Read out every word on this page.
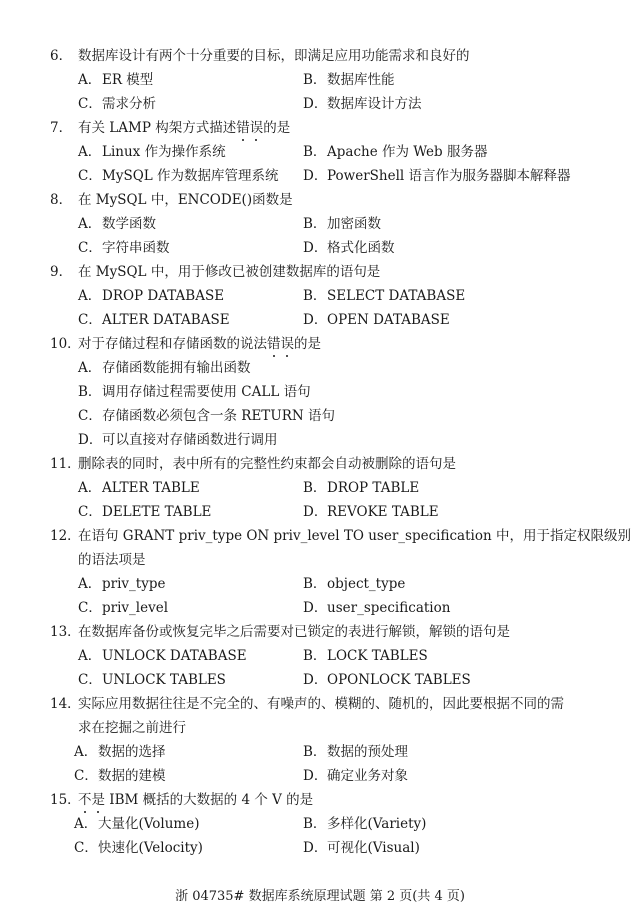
6． 数据库设计有两个十分重要的目标，即满足应用功能需求和良好的
A．ER 模型	B．数据库性能
C．需求分析	D．数据库设计方法
7． 有关 LAMP 构架方式描述错误的是
A．Linux 作为操作系统	B．Apache 作为 Web 服务器
C．MySQL 作为数据库管理系统 D．PowerShell 语言作为服务器脚本解释器
8． 在 MySQL 中，ENCODE()函数是
A．数学函数	B．加密函数
C．字符串函数	D．格式化函数
9． 在 MySQL 中，用于修改已被创建数据库的语句是
A．DROP DATABASE	B．SELECT DATABASE
C．ALTER DATABASE	D．OPEN DATABASE
10．对于存储过程和存储函数的说法错误的是
A．存储函数能拥有输出函数
B．调用存储过程需要使用 CALL 语句
C．存储函数必须包含一条 RETURN 语句
D．可以直接对存储函数进行调用
11．删除表的同时，表中所有的完整性约束都会自动被删除的语句是
A．ALTER TABLE	B．DROP TABLE
C．DELETE TABLE	D．REVOKE TABLE
12．在语句 GRANT priv_type ON priv_level TO user_specification 中，用于指定权限级别
的语法项是
A．priv_type	B．object_type
C．priv_level	D．user_specification
13．在数据库备份或恢复完毕之后需要对已锁定的表进行解锁，解锁的语句是
A．UNLOCK DATABASE	B．LOCK TABLES
C．UNLOCK TABLES	D．OPONLOCK TABLES
14．实际应用数据往往是不完全的、有噪声的、模糊的、随机的，因此要根据不同的需
求在挖掘之前进行
A．数据的选择	B．数据的预处理
C．数据的建模	D．确定业务对象
15．不是 IBM 概括的大数据的 4 个 V 的是
A．大量化(Volume)	B．多样化(Variety)
C．快速化(Velocity)	D．可视化(Visual)
浙 04735# 数据库系统原理试题 第 2 页(共 4 页)
